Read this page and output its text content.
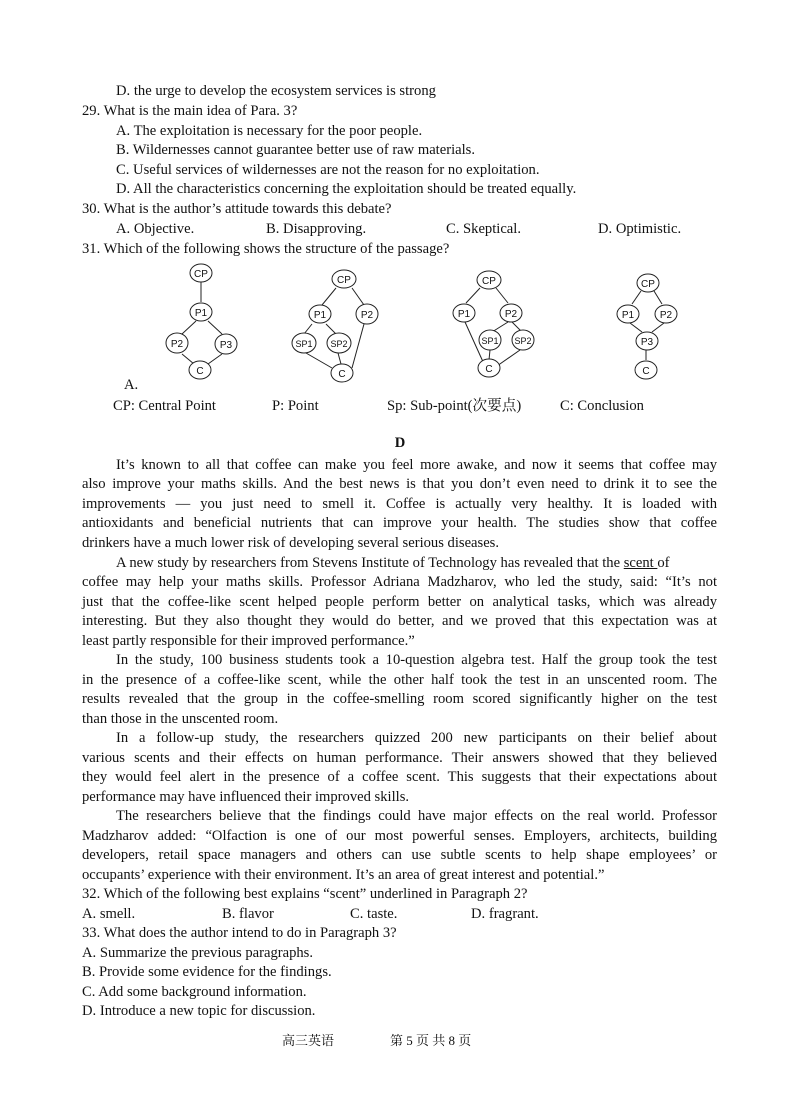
D. the urge to develop the ecosystem services is strong
29. What is the main idea of Para. 3?
A. The exploitation is necessary for the poor people.
B. Wildernesses cannot guarantee better use of raw materials.
C. Useful services of wildernesses are not the reason for no exploitation.
D. All the characteristics concerning the exploitation should be treated equally.
30. What is the author’s attitude towards this debate?
A. Objective.	B. Disapproving.	C. Skeptical.	D. Optimistic.
31. Which of the following shows the structure of the passage?
CP
P1
P2	P3
C
CP
P1	P2
SP1 SP2
C
CP
P1	P2
SP1 SP2
C
CP
P1	P2
P3
C
A.
CP: Central Point	P: Point	Sp: Sub-point(次要点)	C: Conclusion
D
It’s known to all that coffee can make you feel more awake, and now it seems that coffee may
also improve your maths skills. And the best news is that you don’t even need to drink it to see the
improvements — you just need to smell it. Coffee is actually very healthy. It is loaded with
antioxidants and beneficial nutrients that can improve your health. The studies show that coffee
drinkers have a much lower risk of developing several serious diseases.
A new study by researchers from Stevens Institute of Technology has revealed that the scent of
coffee may help your maths skills. Professor Adriana Madzharov, who led the study, said: “It’s not
just that the coffee-like scent helped people perform better on analytical tasks, which was already
interesting. But they also thought they would do better, and we proved that this expectation was at
least partly responsible for their improved performance.”
In the study, 100 business students took a 10-question algebra test. Half the group took the test
in the presence of a coffee-like scent, while the other half took the test in an unscented room. The
results revealed that the group in the coffee-smelling room scored significantly higher on the test
than those in the unscented room.
In a follow-up study, the researchers quizzed 200 new participants on their belief about
various scents and their effects on human performance. Their answers showed that they believed
they would feel alert in the presence of a coffee scent. This suggests that their expectations about
performance may have influenced their improved skills.
The researchers believe that the findings could have major effects on the real world. Professor
Madzharov added: “Olfaction is one of our most powerful senses. Employers, architects, building
developers, retail space managers and others can use subtle scents to help shape employees’ or
occupants’ experience with their environment. It’s an area of great interest and potential.”
32. Which of the following best explains “scent” underlined in Paragraph 2?
A. smell.	B. flavor	C. taste.	D. fragrant.
33. What does the author intend to do in Paragraph 3?
A. Summarize the previous paragraphs.
B. Provide some evidence for the findings.
C. Add some background information.
D. Introduce a new topic for discussion.
高三英语	第 5 页 共 8 页
